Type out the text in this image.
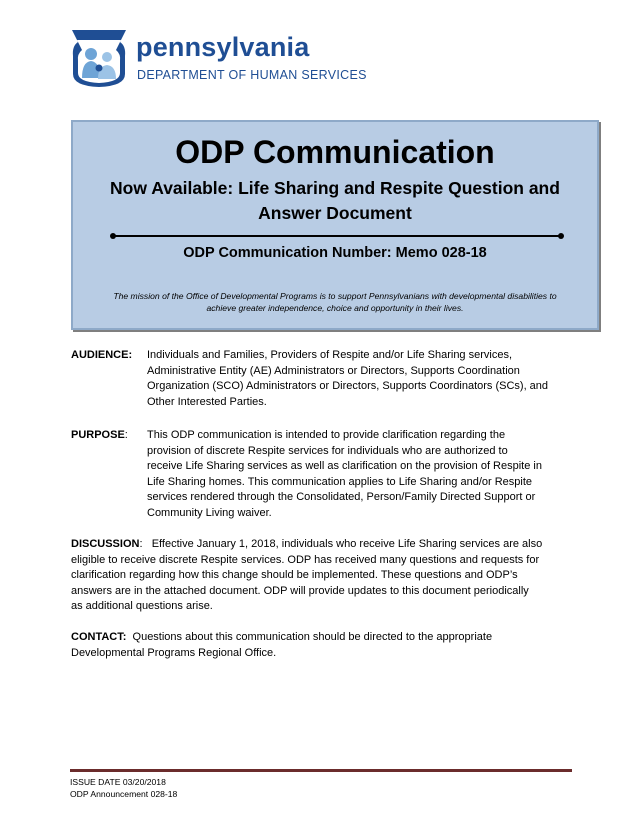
pennsylvania
DEPARTMENT OF HUMAN SERVICES
ODP Communication
Now Available: Life Sharing and Respite Question and
Answer Document
ODP Communication Number: Memo 028-18
The mission of the Office of Developmental Programs is to support Pennsylvanians with developmental disabilities to
achieve greater independence, choice and opportunity in their lives.
AUDIENCE: Individuals and Families, Providers of Respite and/or Life Sharing services,
Administrative Entity (AE) Administrators or Directors, Supports Coordination
Organization (SCO) Administrators or Directors, Supports Coordinators (SCs), and
Other Interested Parties.
PURPOSE: This ODP communication is intended to provide clarification regarding the
provision of discrete Respite services for individuals who are authorized to
receive Life Sharing services as well as clarification on the provision of Respite in
Life Sharing homes. This communication applies to Life Sharing and/or Respite
services rendered through the Consolidated, Person/Family Directed Support or
Community Living waiver.
DISCUSSION:   Effective January 1, 2018, individuals who receive Life Sharing services are also
eligible to receive discrete Respite services. ODP has received many questions and requests for
clarification regarding how this change should be implemented. These questions and ODP’s
answers are in the attached document. ODP will provide updates to this document periodically
as additional questions arise.
CONTACT:  Questions about this communication should be directed to the appropriate
Developmental Programs Regional Office.
ISSUE DATE 03/20/2018
ODP Announcement 028-18
